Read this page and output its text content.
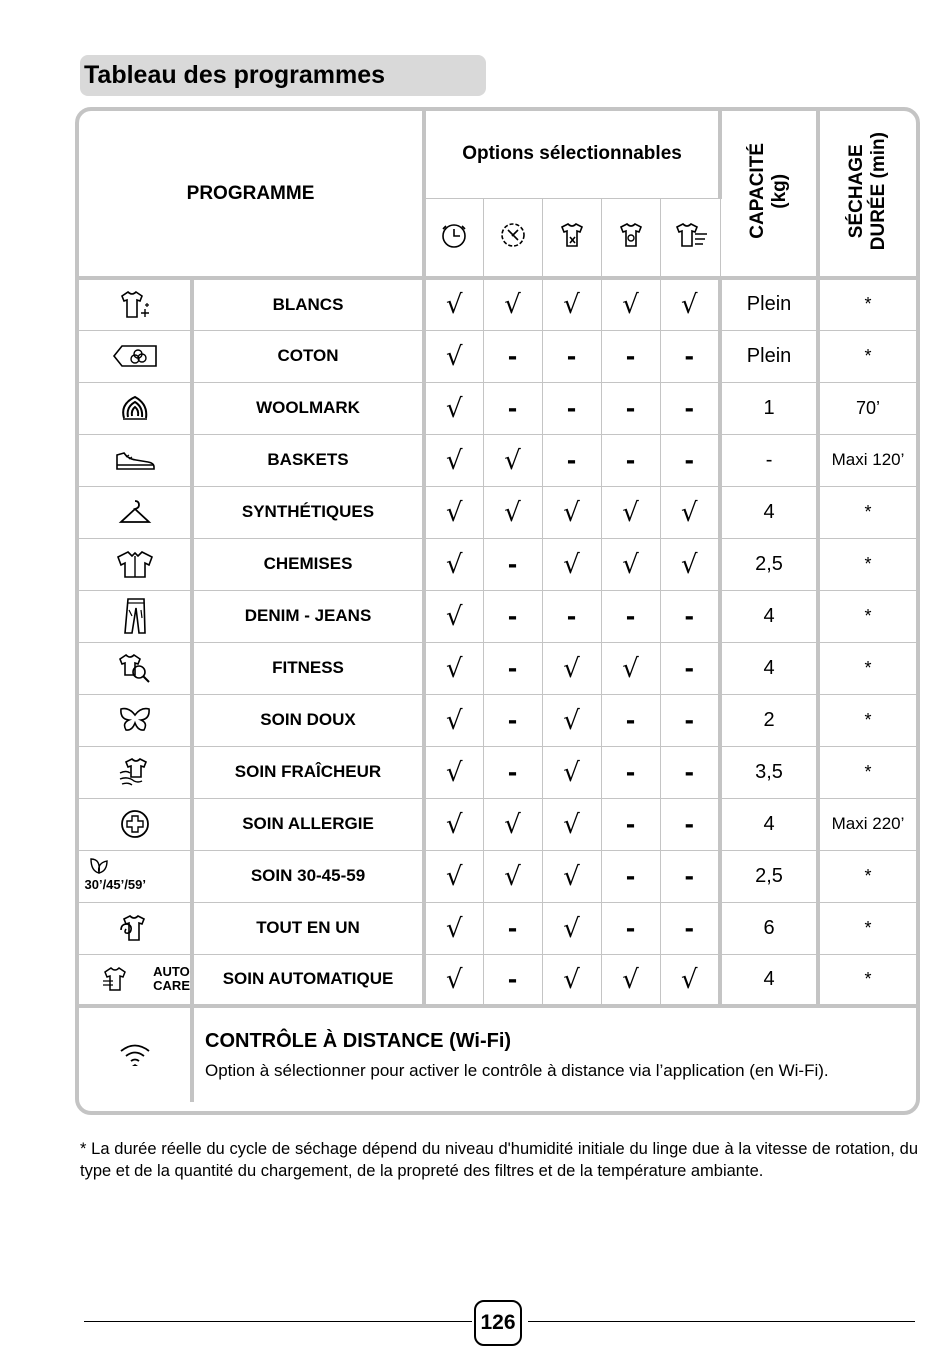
Tableau des programmes
PROGRAMME		Options sélectionnables					CAPACITÉ
(kg)	SÉCHAGE
DURÉE (min)

	BLANCS	√	√	√	√	√	Plein	*

	COTON	√	-	-	-	-	Plein	*

	WOOLMARK	√	-	-	-	-	1	70’

	BASKETS	√	√	-	-	-	-	Maxi 120’

	SYNTHÉTIQUES	√	√	√	√	√	4	*

	CHEMISES	√	-	√	√	√	2,5	*

	DENIM - JEANS	√	-	-	-	-	4	*

	FITNESS	√	-	√	√	-	4	*

	SOIN DOUX	√	-	√	-	-	2	*

	SOIN FRAÎCHEUR	√	-	√	-	-	3,5	*

	SOIN ALLERGIE	√	√	√	-	-	4	Maxi 220’

30’/45’/59’	SOIN 30-45-59	√	√	√	-	-	2,5	*

	TOUT EN UN	√	-	√	-	-	6	*

AUTO
CARE	SOIN AUTOMATIQUE	√	-	√	√	√	4	*

CONTRÔLE À DISTANCE (Wi-Fi)
Option à sélectionner pour activer le contrôle à distance via l’application (en Wi-Fi).							
* La durée réelle du cycle de séchage dépend du niveau d'humidité initiale du linge due à la vitesse de rotation, du type et de la quantité du chargement, de la propreté des filtres et de la température ambiante.
126
